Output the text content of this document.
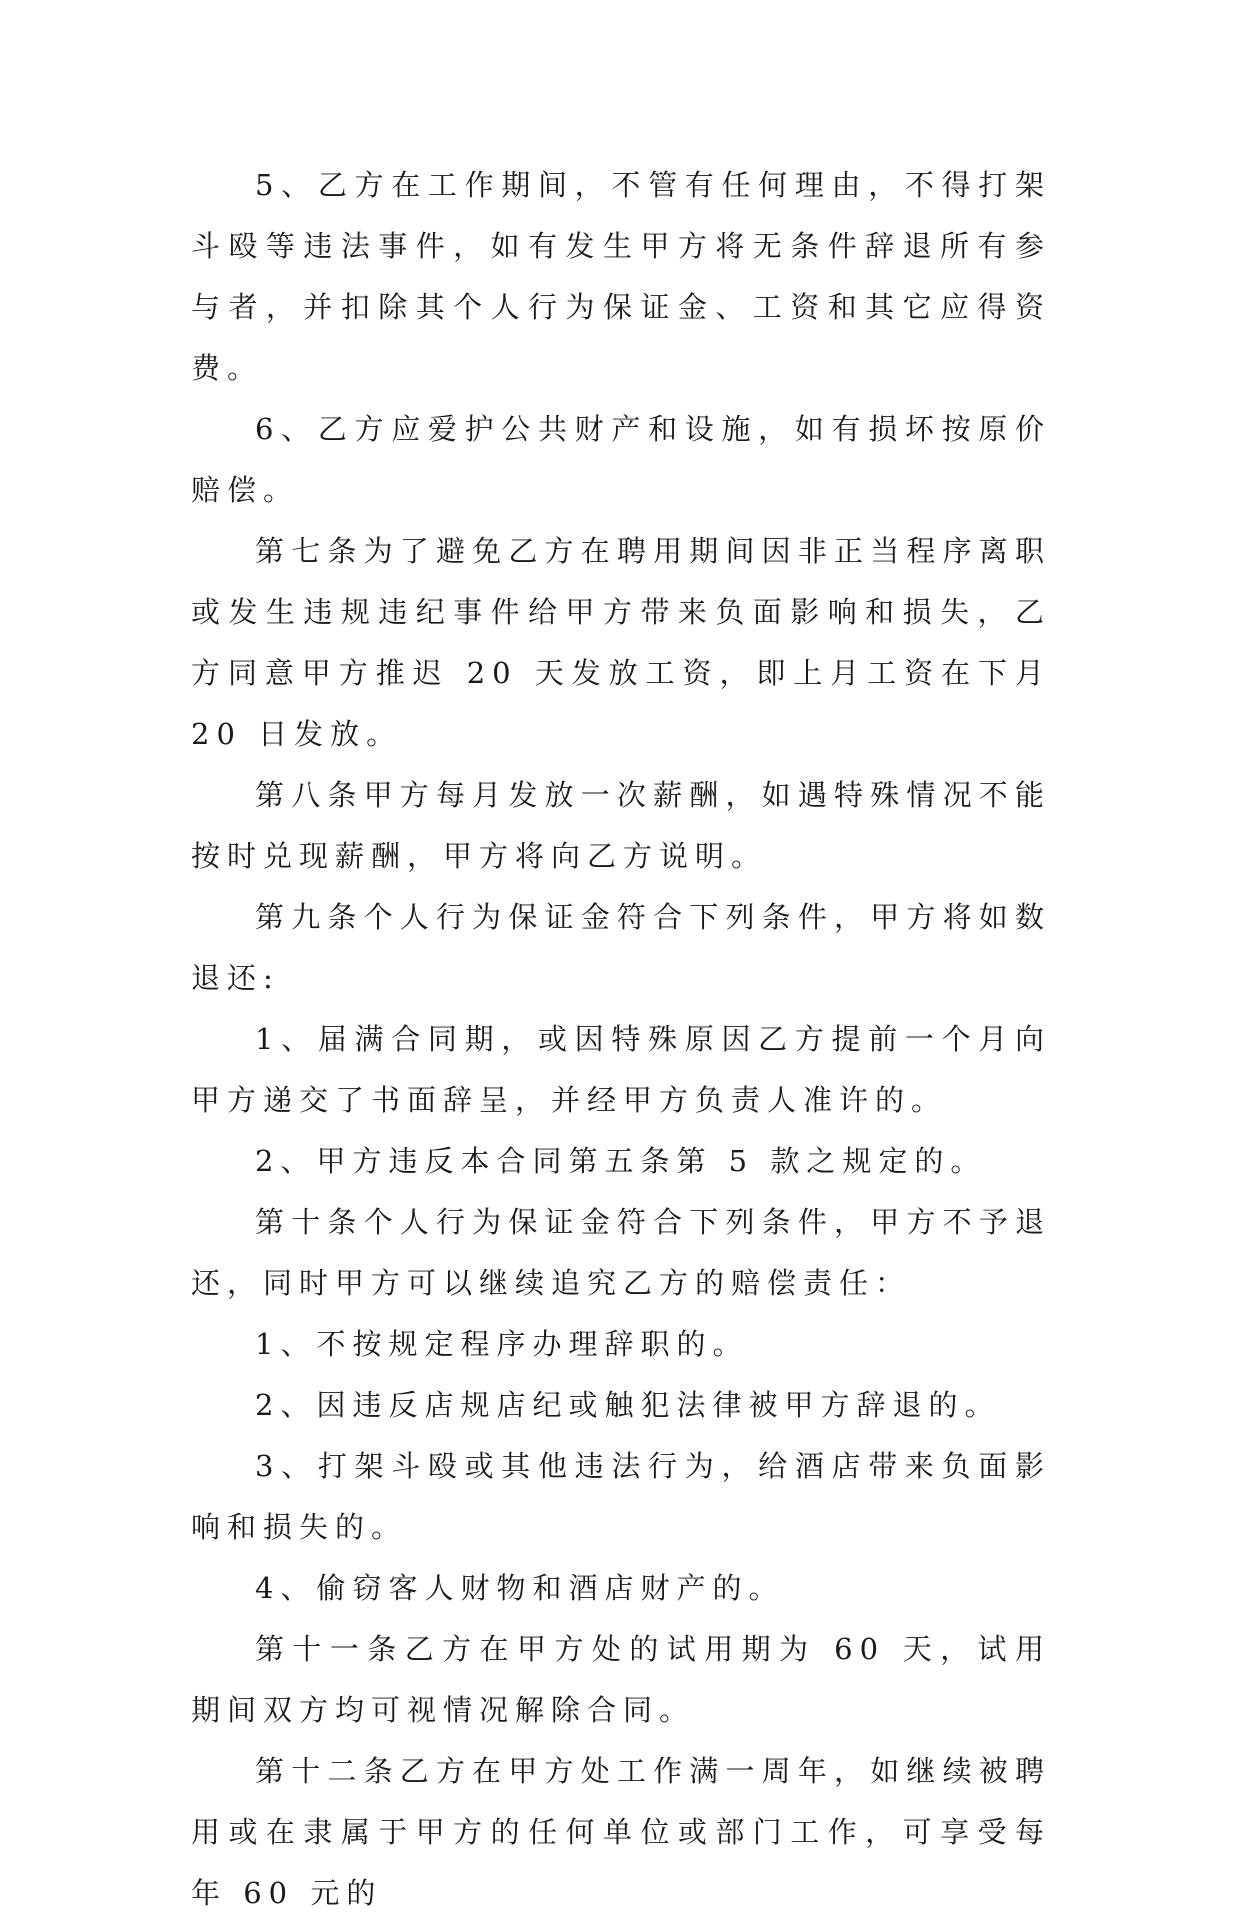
5、乙方在工作期间，不管有任何理由，不得打架斗殴等违法事件，如有发生甲方将无条件辞退所有参与者，并扣除其个人行为保证金、工资和其它应得资费。

6、乙方应爱护公共财产和设施，如有损坏按原价赔偿。

第七条为了避免乙方在聘用期间因非正当程序离职或发生违规违纪事件给甲方带来负面影响和损失，乙方同意甲方推迟 20 天发放工资，即上月工资在下月 20 日发放。

第八条甲方每月发放一次薪酬，如遇特殊情况不能按时兑现薪酬，甲方将向乙方说明。

第九条个人行为保证金符合下列条件，甲方将如数退还:

1、届满合同期，或因特殊原因乙方提前一个月向甲方递交了书面辞呈，并经甲方负责人准许的。

2、甲方违反本合同第五条第 5 款之规定的。

第十条个人行为保证金符合下列条件，甲方不予退还，同时甲方可以继续追究乙方的赔偿责任：

1、不按规定程序办理辞职的。

2、因违反店规店纪或触犯法律被甲方辞退的。

3、打架斗殴或其他违法行为，给酒店带来负面影响和损失的。

4、偷窃客人财物和酒店财产的。

第十一条乙方在甲方处的试用期为 60 天，试用期间双方均可视情况解除合同。

第十二条乙方在甲方处工作满一周年，如继续被聘用或在隶属于甲方的任何单位或部门工作，可享受每年 60 元的
